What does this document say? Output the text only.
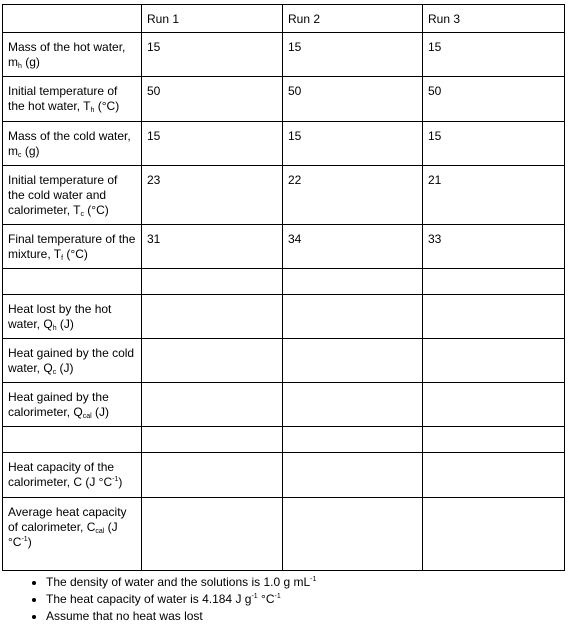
	Run 1	Run 2	Run 3
Mass of the hot water, $m_h$ (g)	15	15	15
Initial temperature of the hot water, $T_h$ (°C)	50	50	50
Mass of the cold water, $m_c$ (g)	15	15	15
Initial temperature of the cold water and calorimeter, $T_c$ (°C)	23	22	21
Final temperature of the mixture, $T_f$ (°C)	31	34	33

Heat lost by the hot water, $Q_h$ (J)			
Heat gained by the cold water, $Q_c$ (J)			
Heat gained by the calorimeter, $Q_{cal}$ (J)			

Heat capacity of the calorimeter, C (J $^\circ C^{-1}$)			
Average heat capacity of calorimeter, $C_{cal}$ (J $^\circ C^{-1}$)			
• The density of water and the solutions is 1.0 g $mL^{-1}$
• The heat capacity of water is 4.184 J $g^{-1}$ $^\circ C^{-1}$
• Assume that no heat was lost
